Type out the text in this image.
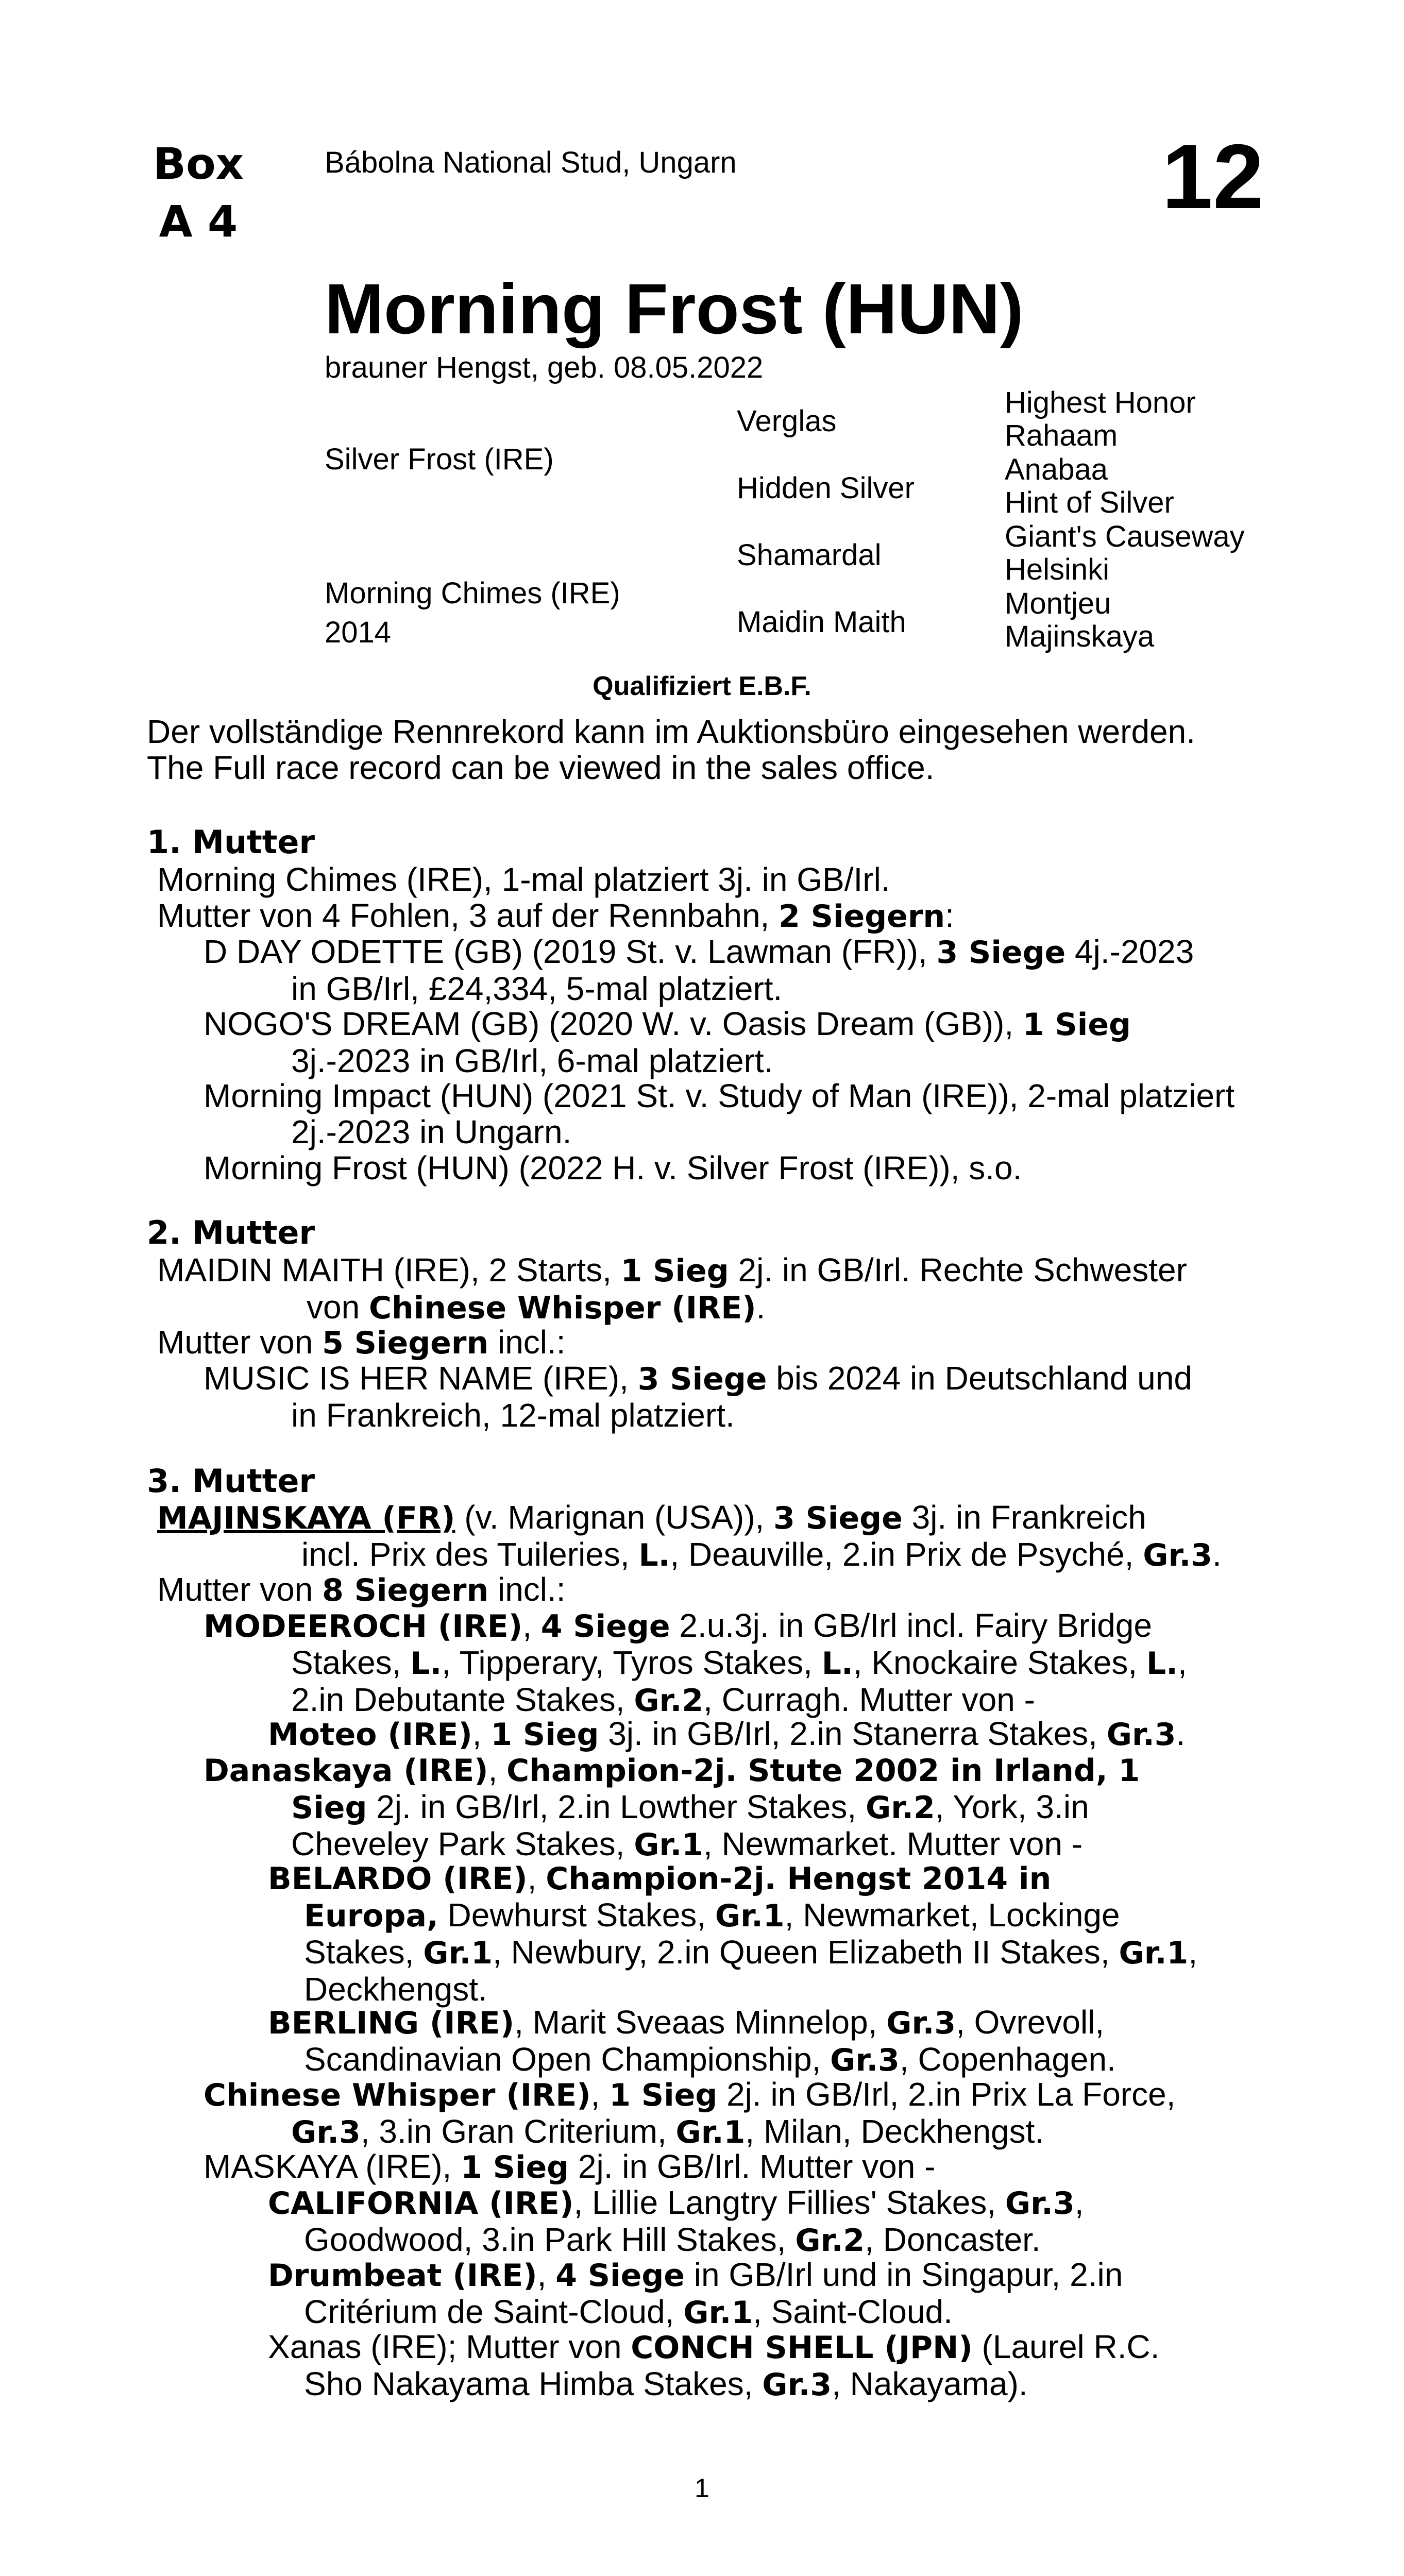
Box
A 4
Bábolna National Stud, Ungarn	12
Morning Frost (HUN)
brauner Hengst, geb. 08.05.2022
Silver Frost (IRE)
Morning Chimes (IRE)
2014
Verglas
Hidden Silver
Shamardal
Maidin Maith
Highest Honor
Rahaam
Anabaa
Hint of Silver
Giant's Causeway
Helsinki
Montjeu
Majinskaya
Qualifiziert E.B.F.

Der vollständige Rennrekord kann im Auktionsbüro eingesehen werden.

The Full race record can be viewed in the sales office.

1. Mutter

Morning Chimes (IRE), 1-mal platziert 3j. in GB/Irl.

Mutter von 4 Fohlen, 3 auf der Rennbahn, 2 Siegern:

D DAY ODETTE (GB) (2019 St. v. Lawman (FR)), 3 Siege 4j.-2023
in GB/Irl, £24,334, 5-mal platziert.

NOGO'S DREAM (GB) (2020 W. v. Oasis Dream (GB)), 1 Sieg
3j.-2023 in GB/Irl, 6-mal platziert.

Morning Impact (HUN) (2021 St. v. Study of Man (IRE)), 2-mal platziert
2j.-2023 in Ungarn.

Morning Frost (HUN) (2022 H. v. Silver Frost (IRE)), s.o.

2. Mutter

MAIDIN MAITH (IRE), 2 Starts, 1 Sieg 2j. in GB/Irl. Rechte Schwester
von Chinese Whisper (IRE).

Mutter von 5 Siegern incl.:

MUSIC IS HER NAME (IRE), 3 Siege bis 2024 in Deutschland und
in Frankreich, 12-mal platziert.

3. Mutter

MAJINSKAYA (FR) (v. Marignan (USA)), 3 Siege 3j. in Frankreich
incl. Prix des Tuileries, L., Deauville, 2.in Prix de Psyché, Gr.3.

Mutter von 8 Siegern incl.:

MODEEROCH (IRE), 4 Siege 2.u.3j. in GB/Irl incl. Fairy Bridge
Stakes, L., Tipperary, Tyros Stakes, L., Knockaire Stakes, L.,
2.in Debutante Stakes, Gr.2, Curragh. Mutter von -

Moteo (IRE), 1 Sieg 3j. in GB/Irl, 2.in Stanerra Stakes, Gr.3.

Danaskaya (IRE), Champion-2j. Stute 2002 in Irland, 1
Sieg 2j. in GB/Irl, 2.in Lowther Stakes, Gr.2, York, 3.in
Cheveley Park Stakes, Gr.1, Newmarket. Mutter von -

BELARDO (IRE), Champion-2j. Hengst 2014 in
Europa, Dewhurst Stakes, Gr.1, Newmarket, Lockinge
Stakes, Gr.1, Newbury, 2.in Queen Elizabeth II Stakes, Gr.1,
Deckhengst.

BERLING (IRE), Marit Sveaas Minnelop, Gr.3, Ovrevoll,
Scandinavian Open Championship, Gr.3, Copenhagen.

Chinese Whisper (IRE), 1 Sieg 2j. in GB/Irl, 2.in Prix La Force,
Gr.3, 3.in Gran Criterium, Gr.1, Milan, Deckhengst.

MASKAYA (IRE), 1 Sieg 2j. in GB/Irl. Mutter von -

CALIFORNIA (IRE), Lillie Langtry Fillies' Stakes, Gr.3,
Goodwood, 3.in Park Hill Stakes, Gr.2, Doncaster.

Drumbeat (IRE), 4 Siege in GB/Irl und in Singapur, 2.in
Critérium de Saint-Cloud, Gr.1, Saint-Cloud.

Xanas (IRE); Mutter von CONCH SHELL (JPN) (Laurel R.C.
Sho Nakayama Himba Stakes, Gr.3, Nakayama).

1
